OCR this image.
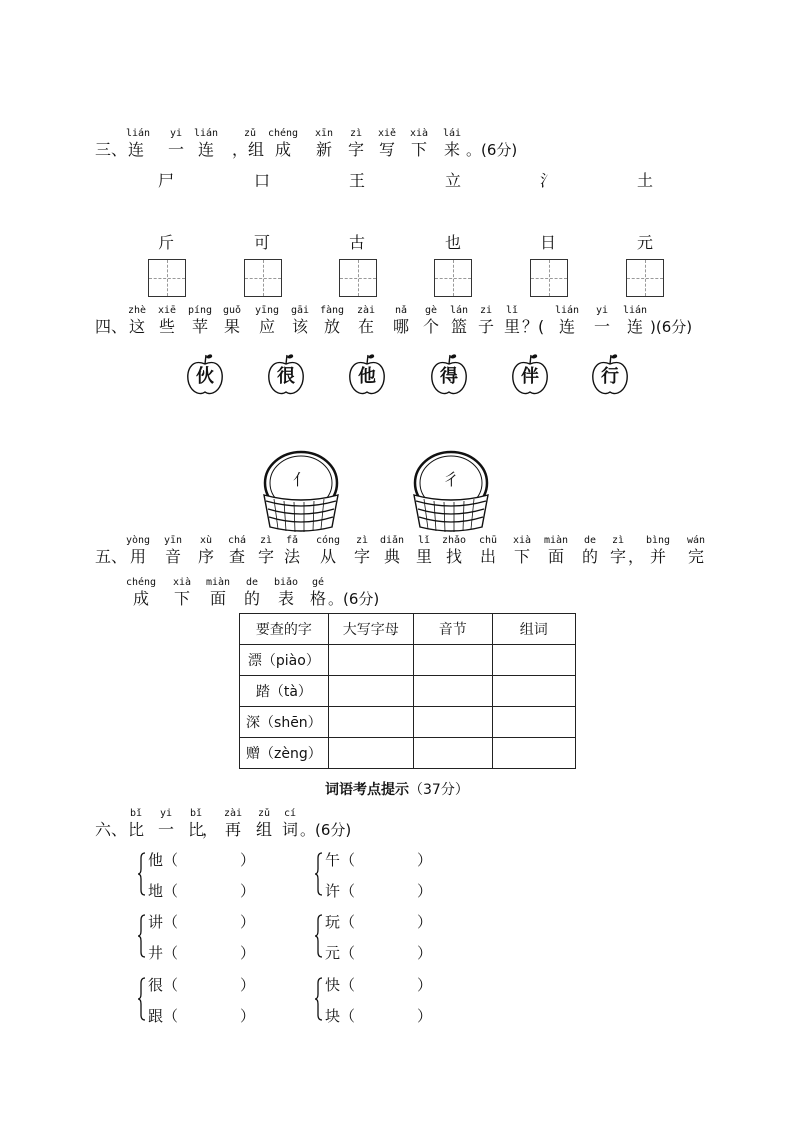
三、
lián
连
yi
一
lián
连
，组
zǔ
	chéng
成
xīn
新
zì
字
xiě
写
xià
下
lái
来 。(6分)
尸	口	王	立	氵	土
斤	可	古	也	日	元
四、
zhè
这
xiē
些
píng
苹
guǒ
果
yīng
应
gāi
该
fàng
放
zài
在
nǎ
哪
gè
个
lán
篮
zi
子
lǐ
里 ？(
lián
连
yi
一
lián
连 )(6分)
伙	很	他	得	伴	行
亻	彳
五、
yòng
用
yīn
音
xù
序
chá
查
zì
字
fǎ
法
cóng
从
zì
字
diǎn
典
lǐ
里
zhǎo
找
chū
出
xià
下
miàn
面
de
的
zì
字 ，
bìng
并
wán
完
chéng
成
xià
下
miàn
面
de
的
biǎo
表
gé
格 。(6分)
要查的字	大写字母	音节	组词
漂（piào）			
踏（tà）			
深（shēn）			
赠（zèng）			
词语考点提示（37分）
六、
bǐ
比
yi
一
bǐ
比
，
zài
再
zǔ
组
cí
词 。(6分)
他（             ）
地（             ）
午（             ）
许（             ）
讲（             ）
井（             ）
玩（             ）
元（             ）
很（             ）
跟（             ）
快（             ）
块（             ）
